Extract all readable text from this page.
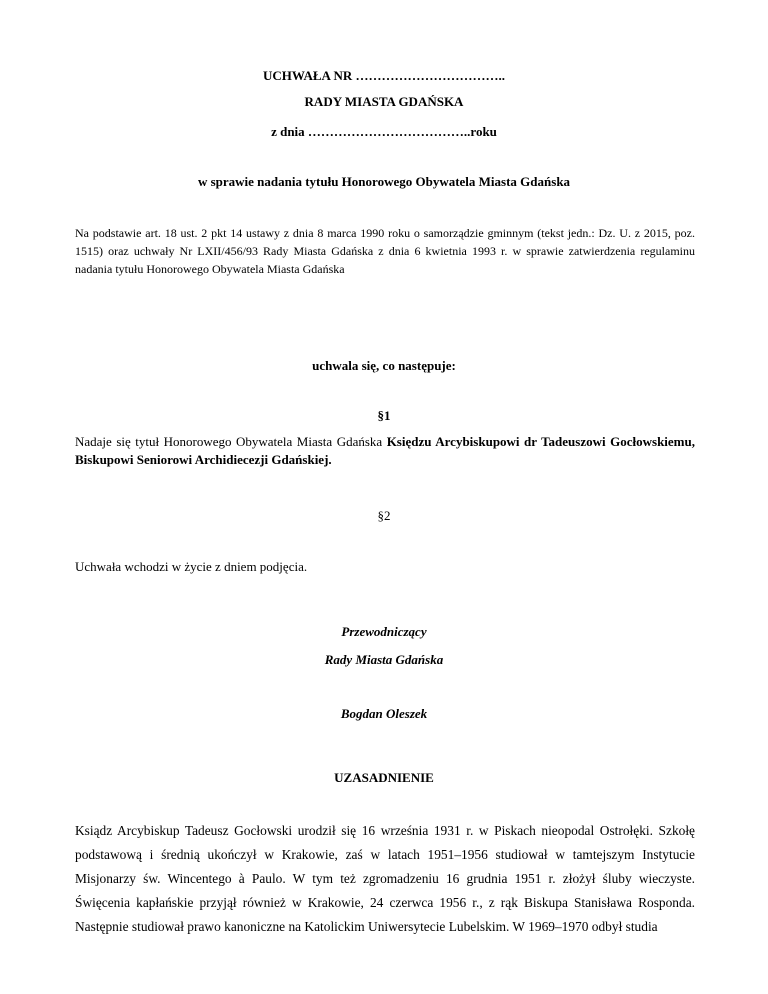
UCHWAŁA NR ……………………………..
RADY MIASTA GDAŃSKA
z dnia ………………………………..roku
w sprawie nadania tytułu Honorowego Obywatela Miasta Gdańska
Na podstawie art. 18 ust. 2 pkt 14 ustawy z dnia 8 marca 1990 roku o samorządzie gminnym (tekst jedn.: Dz. U. z 2015, poz. 1515) oraz uchwały Nr LXII/456/93 Rady Miasta Gdańska z dnia 6 kwietnia 1993 r. w sprawie zatwierdzenia regulaminu nadania tytułu Honorowego Obywatela Miasta Gdańska
uchwala się, co następuje:
§1
Nadaje się tytuł Honorowego Obywatela Miasta Gdańska Księdzu Arcybiskupowi dr Tadeuszowi Gocłowskiemu, Biskupowi Seniorowi Archidiecezji Gdańskiej.
§2
Uchwała wchodzi w życie z dniem podjęcia.
Przewodniczący
Rady Miasta Gdańska
Bogdan Oleszek
UZASADNIENIE
Ksiądz Arcybiskup Tadeusz Gocłowski urodził się 16 września 1931 r. w Piskach nieopodal Ostrołęki. Szkołę podstawową i średnią ukończył w Krakowie, zaś w latach 1951–1956 studiował w tamtejszym Instytucie Misjonarzy św. Wincentego à Paulo. W tym też zgromadzeniu 16 grudnia 1951 r. złożył śluby wieczyste. Święcenia kapłańskie przyjął również w Krakowie, 24 czerwca 1956 r., z rąk Biskupa Stanisława Rosponda. Następnie studiował prawo kanoniczne na Katolickim Uniwersytecie Lubelskim. W 1969–1970 odbył studia
